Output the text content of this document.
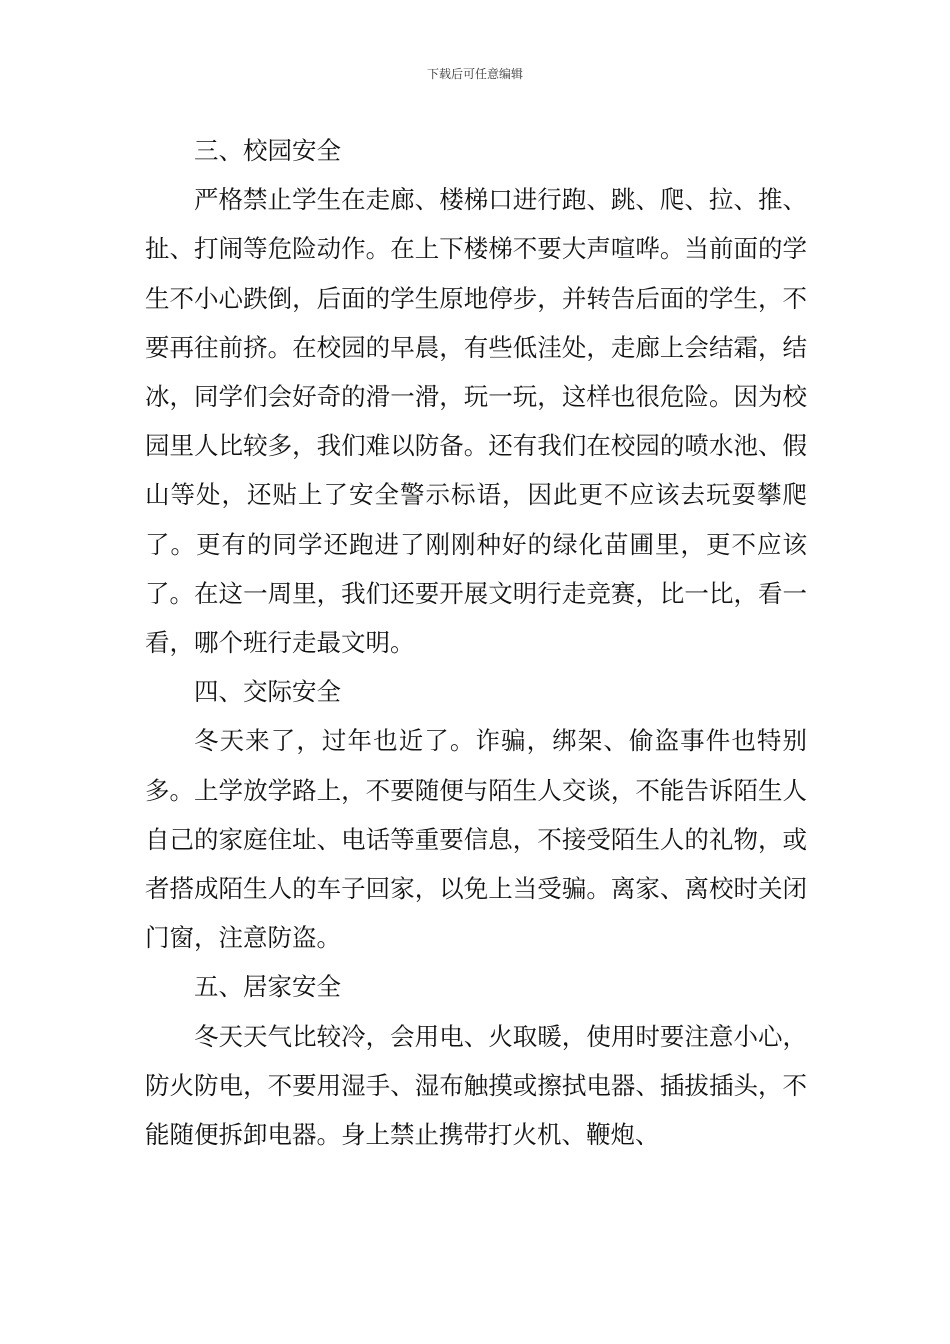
下载后可任意编辑

三、校园安全

严格禁止学生在走廊、楼梯口进行跑、跳、爬、拉、推、扯、打闹等危险动作。在上下楼梯不要大声喧哗。当前面的学生不小心跌倒，后面的学生原地停步，并转告后面的学生，不要再往前挤。在校园的早晨，有些低洼处，走廊上会结霜，结冰，同学们会好奇的滑一滑，玩一玩，这样也很危险。因为校园里人比较多，我们难以防备。还有我们在校园的喷水池、假山等处，还贴上了安全警示标语，因此更不应该去玩耍攀爬了。更有的同学还跑进了刚刚种好的绿化苗圃里，更不应该了。在这一周里，我们还要开展文明行走竞赛，比一比，看一看，哪个班行走最文明。

四、交际安全

冬天来了，过年也近了。诈骗，绑架、偷盗事件也特别多。上学放学路上，不要随便与陌生人交谈，不能告诉陌生人自己的家庭住址、电话等重要信息，不接受陌生人的礼物，或者搭成陌生人的车子回家，以免上当受骗。离家、离校时关闭门窗，注意防盗。

五、居家安全

冬天天气比较冷，会用电、火取暖，使用时要注意小心，防火防电，不要用湿手、湿布触摸或擦拭电器、插拔插头，不能随便拆卸电器。身上禁止携带打火机、鞭炮、
